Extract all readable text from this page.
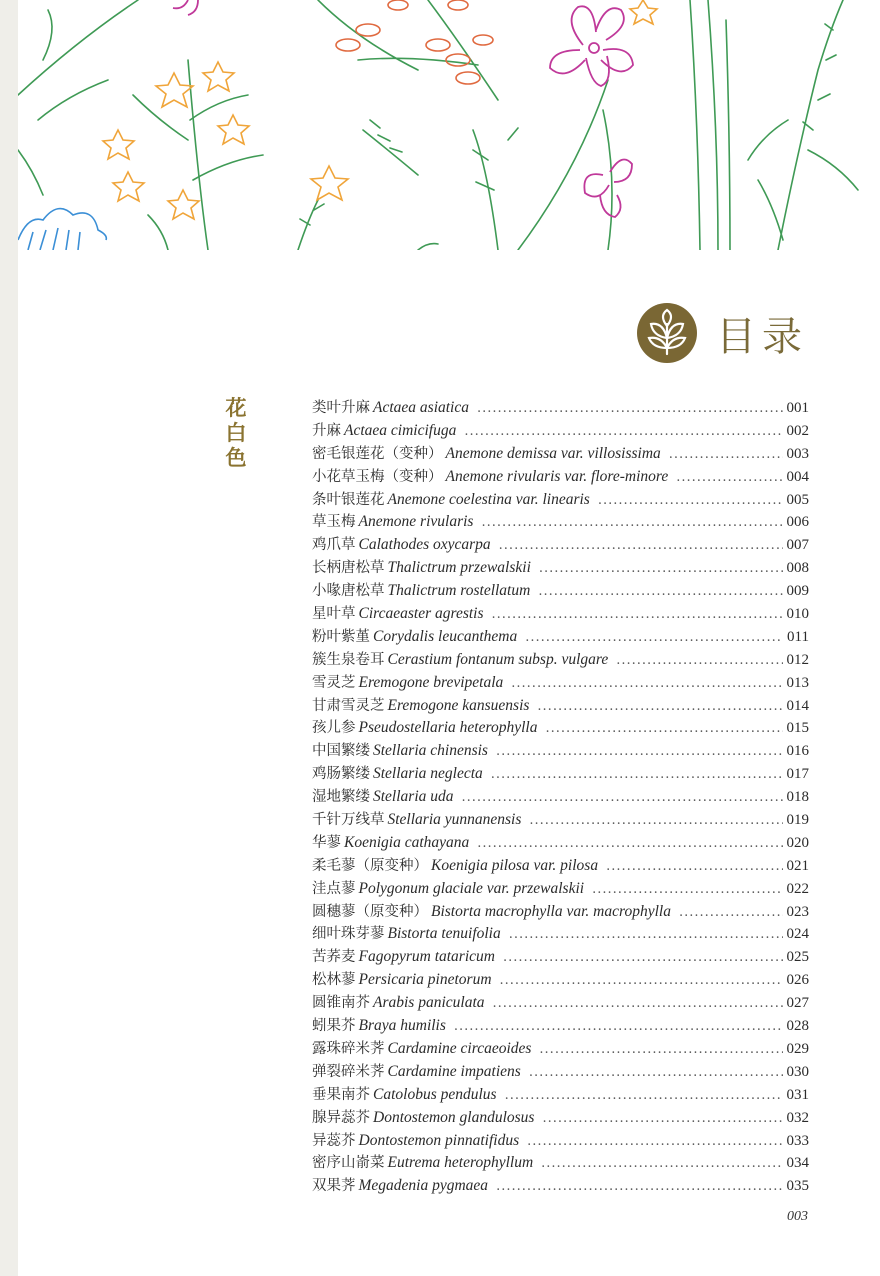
目录
花白色
类叶升麻 Actaea asiatica .....	001
升麻 Actaea cimicifuga .....	002
密毛银莲花（变种） Anemone demissa var. villosissima .....	003
小花草玉梅（变种） Anemone rivularis var. flore-minore .....	004
条叶银莲花 Anemone coelestina var. linearis .....	005
草玉梅 Anemone rivularis .....	006
鸡爪草 Calathodes oxycarpa .....	007
长柄唐松草 Thalictrum przewalskii .....	008
小喙唐松草 Thalictrum rostellatum .....	009
星叶草 Circaeaster agrestis .....	010
粉叶紫堇 Corydalis leucanthema .....	011
簇生泉卷耳 Cerastium fontanum subsp. vulgare .....	012
雪灵芝 Eremogone brevipetala .....	013
甘肃雪灵芝 Eremogone kansuensis .....	014
孩儿参 Pseudostellaria heterophylla .....	015
中国繁缕 Stellaria chinensis .....	016
鸡肠繁缕 Stellaria neglecta .....	017
湿地繁缕 Stellaria uda .....	018
千针万线草 Stellaria yunnanensis .....	019
华蓼 Koenigia cathayana .....	020
柔毛蓼（原变种） Koenigia pilosa var. pilosa .....	021
洼点蓼 Polygonum glaciale var. przewalskii .....	022
圆穗蓼（原变种） Bistorta macrophylla var. macrophylla .....	023
细叶珠芽蓼 Bistorta tenuifolia .....	024
苦荞麦 Fagopyrum tataricum .....	025
松林蓼 Persicaria pinetorum .....	026
圆锥南芥 Arabis paniculata .....	027
蚓果芥 Braya humilis .....	028
露珠碎米荠 Cardamine circaeoides .....	029
弹裂碎米荠 Cardamine impatiens .....	030
垂果南芥 Catolobus pendulus .....	031
腺异蕊芥 Dontostemon glandulosus .....	032
异蕊芥 Dontostemon pinnatifidus .....	033
密序山嵛菜 Eutrema heterophyllum .....	034
双果荠 Megadenia pygmaea .....	035
003
